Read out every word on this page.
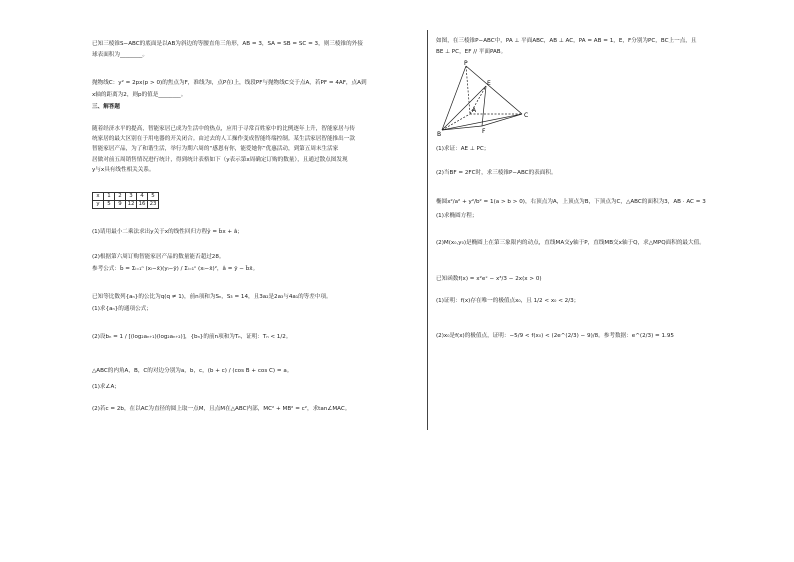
已知三棱锥S−ABC的底面是以AB为斜边的等腰直角三角形，AB = 3，SA = SB = SC = 3，则三棱锥的外接
球表面积为________。
抛物线C：y² = 2px(p > 0)的焦点为F，准线为l，点P在l上，线段PF与抛物线C交于点A，若PF = 4AF，点A到
x轴的距离为2，则p的值是________。
三、解答题
随着经济水平的提高，智能家居已成为生活中的热点，应用于寻常百姓家中的比例逐年上升，智能家居与传
统家居的最大区别在于用电器的开关闭合。由过去的人工操作变成智能终端控制。某生活家居智能推出一款
智能家居产品，为了和谐生活，举行为期六周的“感恩有你，能爱她你”优惠活动，到第五周末生活家
居做对前五周销售情况进行统计，得到统计表格如下（y表示第x周确定订购的数量），且通过散点图发现
y与x具有线性相关关系。
x	1	2	3	4	5
y	5	9	12	16	23
(1)请用最小二乘法求出y关于x的线性回归方程ŷ = b̂x + â；
(2)根据第六周订购智能家居产品的数量能否超过28。
参考公式：b̂ = Σᵢ₌₁ⁿ (xᵢ−x̄)(yᵢ−ȳ) / Σᵢ₌₁ⁿ (xᵢ−x̄)²，â = ȳ − b̂x̄。
已知等比数列{aₙ}的公比为q(q ≠ 1)，前n项和为Sₙ，S₃ = 14，且3a₂是2a₃与4a₁的等差中项。
(1)求{aₙ}的通项公式；
(2)设bₙ = 1 / [(log₂aₙ₊₁)(log₂aₙ₊₂)]，{bₙ}的前n项和为Tₙ，证明：Tₙ < 1/2。
△ABC的内角A，B，C的对边分别为a，b，c，(b + c) / (cos B + cos C) = a。
(1)求∠A；
(2)若c = 2b，在以AC为直径的圆上取一点M，且点M在△ABC内部，MC² + MB² = c²，求tan∠MAC。
如图，在三棱锥P−ABC中，PA ⊥ 平面ABC，AB ⊥ AC，PA = AB = 1，E，F分别为PC，BC上一点，且
BE ⊥ PC，EF // 平面PAB。
P
E
A
F
B
C
(1)求证：AE ⊥ PC；
(2)当BF = 2FC时，求三棱锥P−ABC的表面积。
椭圆x²/a² + y²/b² = 1(a > b > 0)，右顶点为A，上顶点为B，下顶点为C，△ABC的面积为3，AB · AC = 3
(1)求椭圆方程；
(2)M(x₀,y₀)是椭圆上在第三象限内的动点，直线MA交y轴于P，直线MB交x轴于Q，求△MPQ面积的最大值。
已知函数f(x) = x²eˣ − x³/3 − 2x(x > 0)
(1)证明：f(x)存在唯一的极值点x₀，且 1/2 < x₀ < 2/3；
(2)x₀是f(x)的极值点，证明：−5/9 < f(x₀) < (2e^(2/3) − 9)/8。参考数据：e^(2/3) = 1.95
